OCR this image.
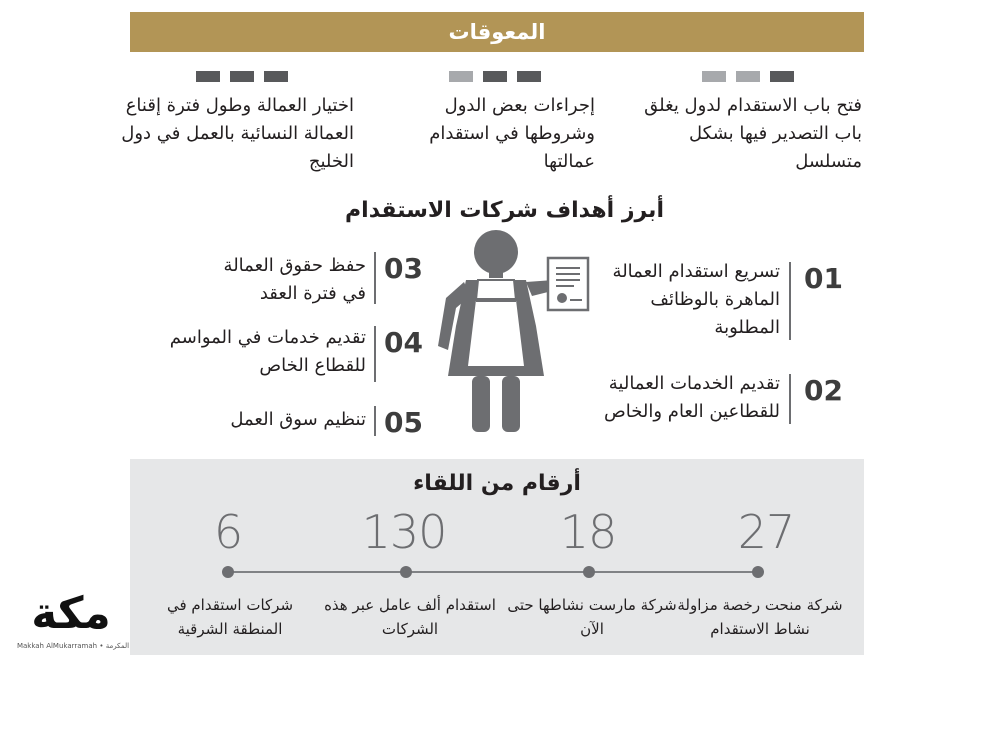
المعوقات
فتح باب الاستقدام لدول يغلق باب التصدير فيها بشكل متسلسل
إجراءات بعض الدول وشروطها في استقدام عمالتها
اختيار العمالة وطول فترة إقناع العمالة النسائية بالعمل في دول الخليج
أبرز أهداف شركات الاستقدام
01
تسريع استقدام العمالة الماهرة بالوظائف المطلوبة
02
تقديم الخدمات العمالية للقطاعين العام والخاص
03
حفظ حقوق العمالة في فترة العقد
04
تقديم خدمات في المواسم للقطاع الخاص
05
تنظيم سوق العمل
أرقام من اللقاء
27
18
130
6
شركة منحت رخصة مزاولة نشاط الاستقدام
شركة مارست نشاطها حتى الآن
استقدام ألف عامل عبر هذه الشركات
شركات استقدام في المنطقة الشرقية
مكة
Makkah AlMukarramah • المكرمة
